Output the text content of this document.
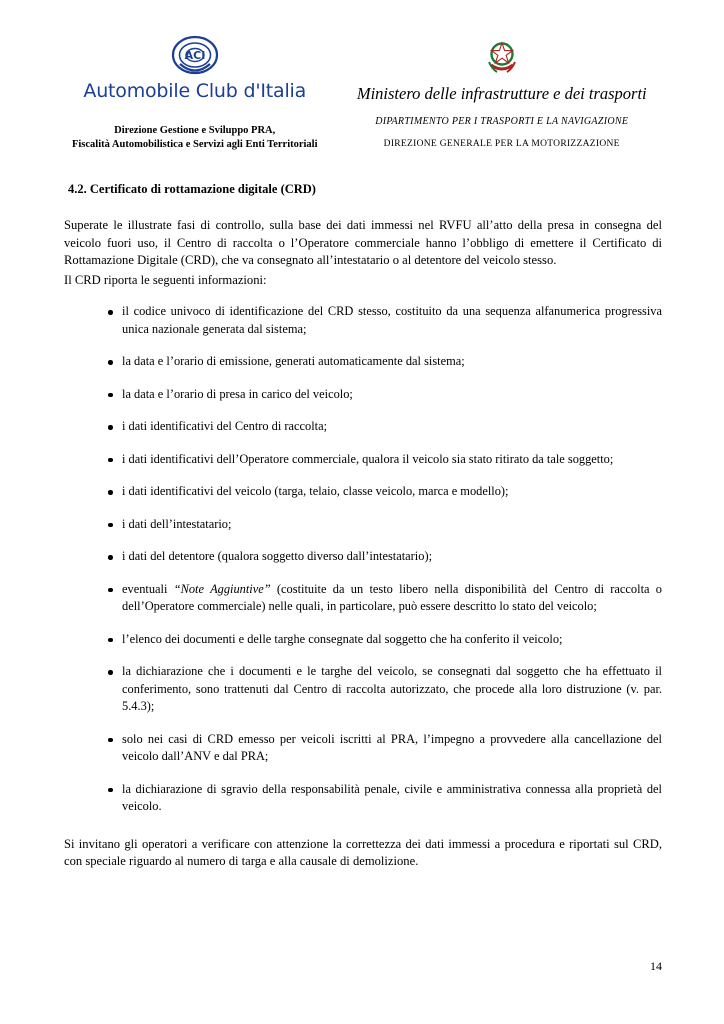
ACI
Automobile Club d'Italia
Direzione Gestione e Sviluppo PRA,
Fiscalità Automobilistica e Servizi agli Enti Territoriali
Ministero delle infrastrutture e dei trasporti
DIPARTIMENTO PER I TRASPORTI E LA NAVIGAZIONE
DIREZIONE GENERALE PER LA MOTORIZZAZIONE
4.2. Certificato di rottamazione digitale (CRD)

Superate le illustrate fasi di controllo, sulla base dei dati immessi nel RVFU all’atto della presa in consegna del veicolo fuori uso, il Centro di raccolta o l’Operatore commerciale hanno l’obbligo di emettere il Certificato di Rottamazione Digitale (CRD), che va consegnato all’intestatario o al detentore del veicolo stesso.

Il CRD riporta le seguenti informazioni:

il codice univoco di identificazione del CRD stesso, costituito da una sequenza alfanumerica progressiva unica nazionale generata dal sistema;
la data e l’orario di emissione, generati automaticamente dal sistema;
la data e l’orario di presa in carico del veicolo;
i dati identificativi del Centro di raccolta;
i dati identificativi dell’Operatore commerciale, qualora il veicolo sia stato ritirato da tale soggetto;
i dati identificativi del veicolo (targa, telaio, classe veicolo, marca e modello);
i dati dell’intestatario;
i dati del detentore (qualora soggetto diverso dall’intestatario);
eventuali “Note Aggiuntive” (costituite da un testo libero nella disponibilità del Centro di raccolta o dell’Operatore commerciale) nelle quali, in particolare, può essere descritto lo stato del veicolo;
l’elenco dei documenti e delle targhe consegnate dal soggetto che ha conferito il veicolo;
la dichiarazione che i documenti e le targhe del veicolo, se consegnati dal soggetto che ha effettuato il conferimento, sono trattenuti dal Centro di raccolta autorizzato, che procede alla loro distruzione (v. par. 5.4.3);
solo nei casi di CRD emesso per veicoli iscritti al PRA, l’impegno a provvedere alla cancellazione del veicolo dall’ANV e dal PRA;
la dichiarazione di sgravio della responsabilità penale, civile e amministrativa connessa alla proprietà del veicolo.

Si invitano gli operatori a verificare con attenzione la correttezza dei dati immessi a procedura e riportati sul CRD, con speciale riguardo al numero di targa e alla causale di demolizione.

14
